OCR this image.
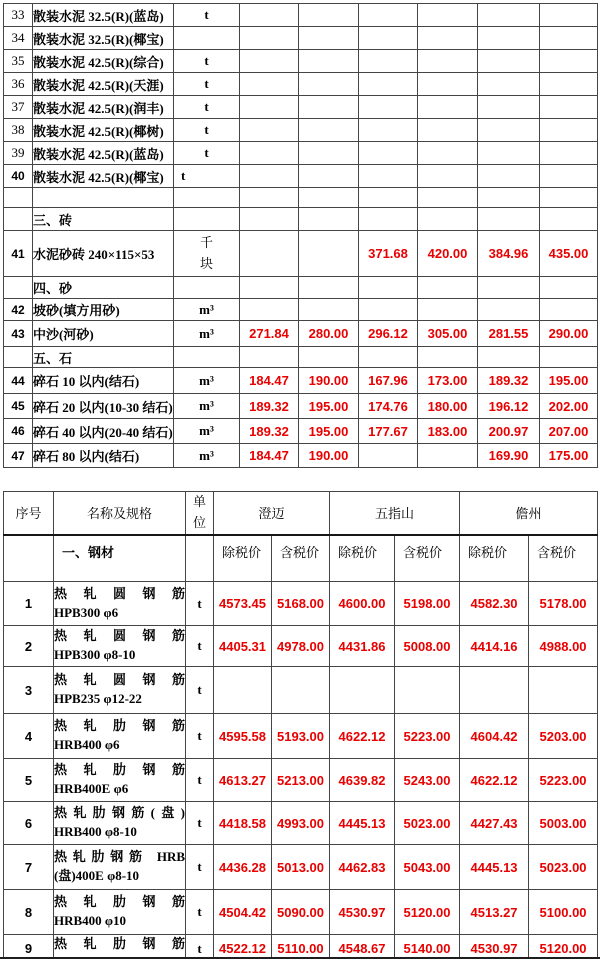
33	散装水泥 32.5(R)(蓝岛)	t						
34	散装水泥 32.5(R)(椰宝)							
35	散装水泥 42.5(R)(综合)	t						
36	散装水泥 42.5(R)(天涯)	t						
37	散装水泥 42.5(R)(润丰)	t						
38	散装水泥 42.5(R)(椰树)	t						
39	散装水泥 42.5(R)(蓝岛)	t						
40	散装水泥 42.5(R)(椰宝)	t						

	三、砖							
41	水泥砂砖 240×115×53	千块			371.68	420.00	384.96	435.00
	四、砂							
42	坡砂(填方用砂)	m³						
43	中沙(河砂)	m³	271.84	280.00	296.12	305.00	281.55	290.00
	五、石							
44	碎石 10 以内(结石)	m³	184.47	190.00	167.96	173.00	189.32	195.00
45	碎石 20 以内(10-30 结石)	m³	189.32	195.00	174.76	180.00	196.12	202.00
46	碎石 40 以内(20-40 结石)	m³	189.32	195.00	177.67	183.00	200.97	207.00
47	碎石 80 以内(结石)	m³	184.47	190.00			169.90	175.00
序号	名称及规格	单位	澄迈		五指山		儋州	
	一、钢材		除税价	含税价	除税价	含税价	除税价	含税价
1	热 轧 圆 钢 筋
HPB300 φ6	t	4573.45	5168.00	4600.00	5198.00	4582.30	5178.00
2	热 轧 圆 钢 筋
HPB300 φ8-10	t	4405.31	4978.00	4431.86	5008.00	4414.16	4988.00
3	热 轧 圆 钢 筋
HPB235 φ12-22	t						
4	热 轧 肋 钢 筋
HRB400 φ6	t	4595.58	5193.00	4622.12	5223.00	4604.42	5203.00
5	热 轧 肋 钢 筋
HRB400E φ6	t	4613.27	5213.00	4639.82	5243.00	4622.12	5223.00
6	热轧肋钢筋(盘)
HRB400 φ8-10	t	4418.58	4993.00	4445.13	5023.00	4427.43	5003.00
7	热轧肋钢筋 HRB
(盘)400E φ8-10	t	4436.28	5013.00	4462.83	5043.00	4445.13	5023.00
8	热 轧 肋 钢 筋
HRB400 φ10	t	4504.42	5090.00	4530.97	5120.00	4513.27	5100.00
9	热 轧 肋 钢 筋	t	4522.12	5110.00	4548.67	5140.00	4530.97	5120.00
